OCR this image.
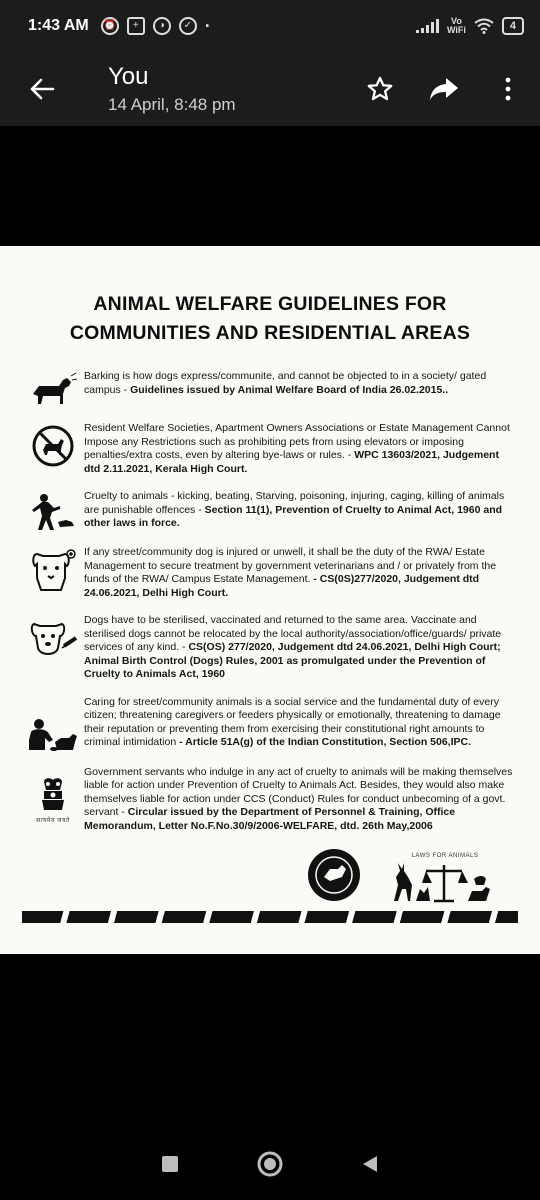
1:43 AM ⏰	+	◑	✓ ·	Vo
WiFi	4
You
14 April, 8:48 pm
ANIMAL WELFARE GUIDELINES FOR
COMMUNITIES AND RESIDENTIAL AREAS
Barking is how dogs express/communite, and cannot be objected to in a society/ gated campus - Guidelines issued by Animal Welfare Board of India 26.02.2015..
Resident Welfare Societies, Apartment Owners Associations or Estate Management Cannot Impose any Restrictions such as prohibiting pets from using elevators or imposing penalties/extra costs, even by altering bye-laws or rules. - WPC 13603/2021, Judgement dtd 2.11.2021, Kerala High Court.
Cruelty to animals - kicking, beating, Starving, poisoning, injuring, caging, killing of animals are punishable offences - Section 11(1), Prevention of Cruelty to Animal Act, 1960 and other laws in force.
If any street/community dog is injured or unwell, it shall be the duty of the RWA/ Estate Management to secure treatment by government veterinarians and / or privately from the funds of the RWA/ Campus Estate Management. - CS(0S)277/2020, Judgement dtd 24.06.2021, Delhi High Court.
Dogs have to be sterilised, vaccinated and returned to the same area. Vaccinate and sterilised dogs cannot be relocated by the local authority/association/office/guards/ private services of any kind. - CS(OS) 277/2020, Judgement dtd 24.06.2021, Delhi High Court; Animal Birth Control (Dogs) Rules, 2001 as promulgated under the Prevention of Cruelty to Animals Act, 1960
Caring for street/community animals is a social service and the fundamental duty of every citizen; threatening caregivers or feeders physically or emotionally, threatening to damage their reputation or preventing them from exercising their constitutional right amounts to criminal intimidation - Article 51A(g) of the Indian Constitution, Section 506,IPC.
सत्यमेव जयते
Government servants who indulge in any act of cruelty to animals will be making themselves liable for action under Prevention of Cruelty to Animals Act. Besides, they would also make themselves liable for action under CCS (Conduct) Rules for conduct unbecoming of a govt. servant - Circular issued by the Department of Personnel & Training, Office Memorandum, Letter No.F.No.30/9/2006-WELFARE, dtd. 26th May,2006
LAWS FOR ANIMALS
